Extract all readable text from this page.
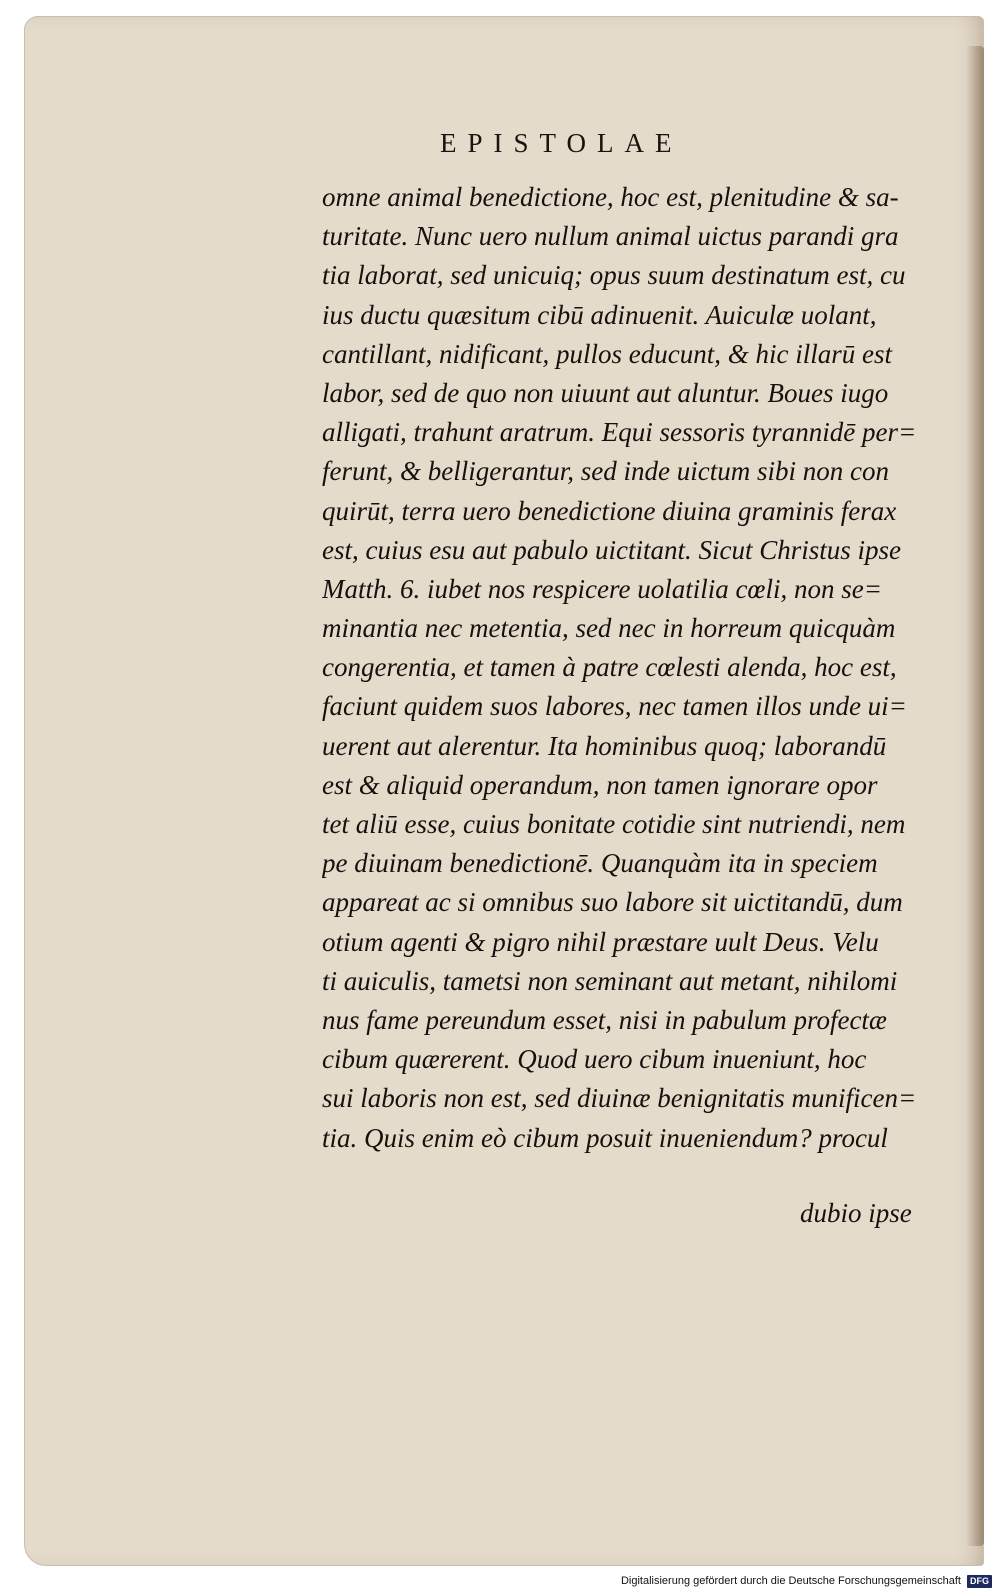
EPISTOLAE
omne animal benedictione, hoc est, plenitudine & sa-
turitate. Nunc uero nullum animal uictus parandi gra
tia laborat, sed unicuiq; opus suum destinatum est, cu
ius ductu quæsitum cibū adinuenit. Auiculæ uolant,
cantillant, nidificant, pullos educunt, & hic illarū est
labor, sed de quo non uiuunt aut aluntur. Boues iugo
alligati, trahunt aratrum. Equi sessoris tyrannidē per=
ferunt, & belligerantur, sed inde uictum sibi non con
quirūt, terra uero benedictione diuina graminis ferax
est, cuius esu aut pabulo uictitant. Sicut Christus ipse
Matth. 6. iubet nos respicere uolatilia cœli, non se=
minantia nec metentia, sed nec in horreum quicquàm
congerentia, et tamen à patre cœlesti alenda, hoc est,
faciunt quidem suos labores, nec tamen illos unde ui=
uerent aut alerentur. Ita hominibus quoq; laborandū
est & aliquid operandum, non tamen ignorare opor
tet aliū esse, cuius bonitate cotidie sint nutriendi, nem
pe diuinam benedictionē. Quanquàm ita in speciem
appareat ac si omnibus suo labore sit uictitandū, dum
otium agenti & pigro nihil præstare uult Deus. Velu
ti auiculis, tametsi non seminant aut metant, nihilomi
nus fame pereundum esset, nisi in pabulum profectæ
cibum quærerent. Quod uero cibum inueniunt, hoc
sui laboris non est, sed diuinæ benignitatis munificen=
tia. Quis enim eò cibum posuit inueniendum? procul
dubio ipse
Digitalisierung gefördert durch die Deutsche Forschungsgemeinschaft DFG
